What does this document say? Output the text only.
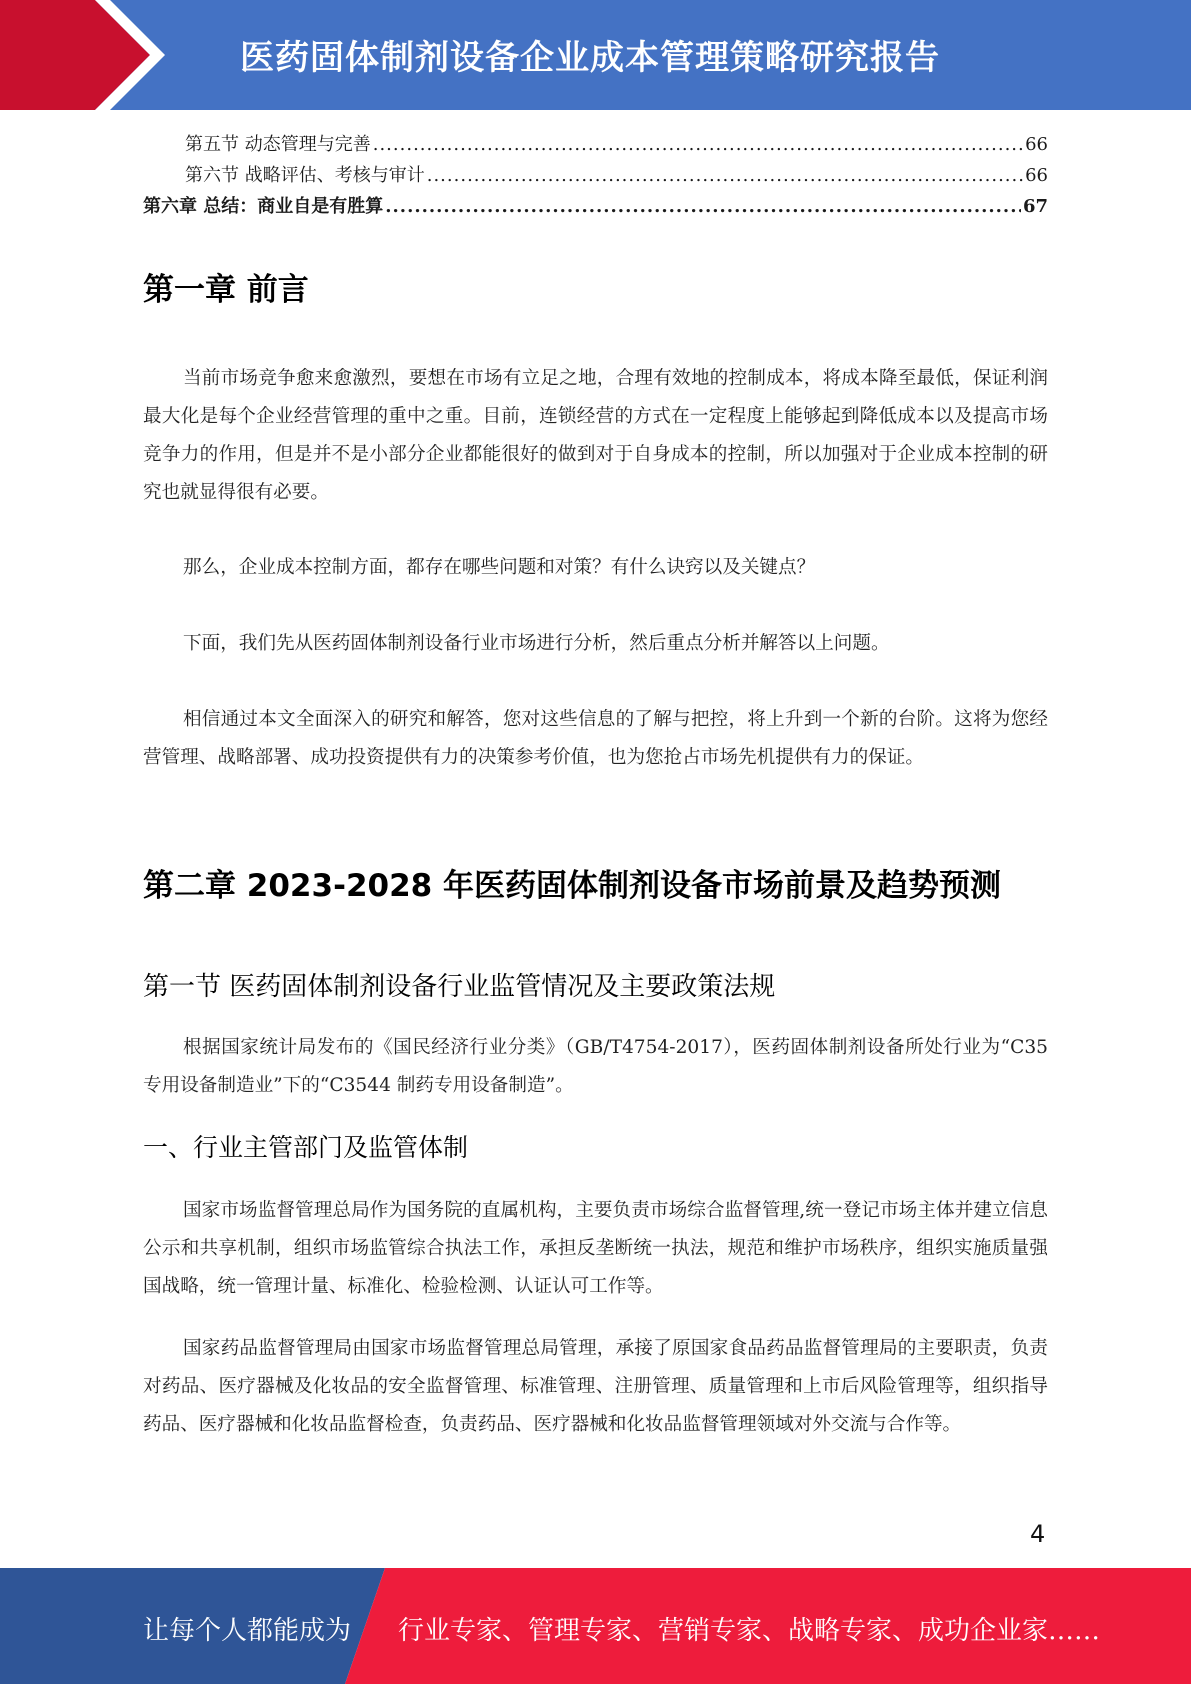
医药固体制剂设备企业成本管理策略研究报告
第五节 动态管理与完善 .....	66
第六节 战略评估、考核与审计 .....	66
第六章 总结：商业自是有胜算 .....	67
第一章 前言

当前市场竞争愈来愈激烈，要想在市场有立足之地，合理有效地的控制成本，将成本降至最低，保证利润最大化是每个企业经营管理的重中之重。目前，连锁经营的方式在一定程度上能够起到降低成本以及提高市场竞争力的作用，但是并不是小部分企业都能很好的做到对于自身成本的控制，所以加强对于企业成本控制的研究也就显得很有必要。

那么，企业成本控制方面，都存在哪些问题和对策？有什么诀窍以及关键点？

下面，我们先从医药固体制剂设备行业市场进行分析，然后重点分析并解答以上问题。

相信通过本文全面深入的研究和解答，您对这些信息的了解与把控，将上升到一个新的台阶。这将为您经营管理、战略部署、成功投资提供有力的决策参考价值，也为您抢占市场先机提供有力的保证。

第二章 2023-2028 年医药固体制剂设备市场前景及趋势预测
第一节 医药固体制剂设备行业监管情况及主要政策法规

根据国家统计局发布的《国民经济行业分类》（GB/T4754-2017），医药固体制剂设备所处行业为“C35 专用设备制造业”下的“C3544 制药专用设备制造”。

一、行业主管部门及监管体制

国家市场监督管理总局作为国务院的直属机构，主要负责市场综合监督管理,统一登记市场主体并建立信息公示和共享机制，组织市场监管综合执法工作，承担反垄断统一执法，规范和维护市场秩序，组织实施质量强国战略，统一管理计量、标准化、检验检测、认证认可工作等。

国家药品监督管理局由国家市场监督管理总局管理，承接了原国家食品药品监督管理局的主要职责，负责对药品、医疗器械及化妆品的安全监督管理、标准管理、注册管理、质量管理和上市后风险管理等，组织指导药品、医疗器械和化妆品监督检查，负责药品、医疗器械和化妆品监督管理领域对外交流与合作等。

4
让每个人都能成为 行业专家、管理专家、营销专家、战略专家、成功企业家……
